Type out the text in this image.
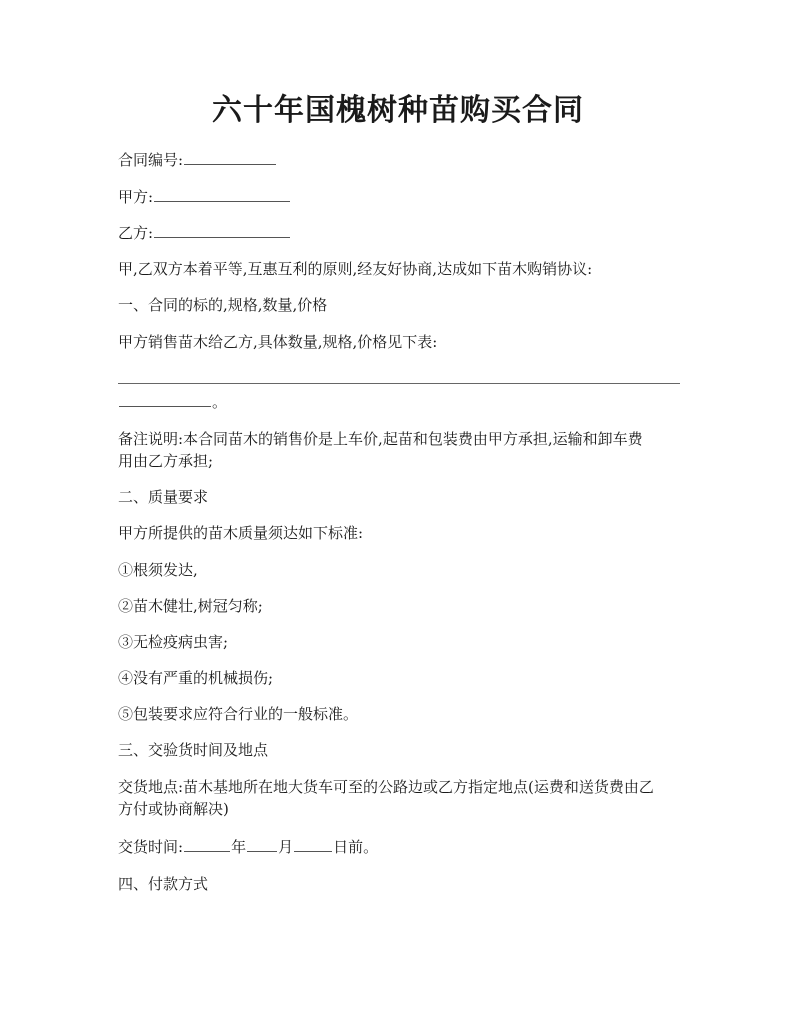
六十年国槐树种苗购买合同
合同编号:
甲方:
乙方:
甲,乙双方本着平等,互惠互利的原则,经友好协商,达成如下苗木购销协议:
一、合同的标的,规格,数量,价格
甲方销售苗木给乙方,具体数量,规格,价格见下表:
。
备注说明:本合同苗木的销售价是上车价,起苗和包装费由甲方承担,运输和卸车费
用由乙方承担;
二、质量要求
甲方所提供的苗木质量须达如下标准:
①根须发达,
②苗木健壮,树冠匀称;
③无检疫病虫害;
④没有严重的机械损伤;
⑤包装要求应符合行业的一般标准。
三、交验货时间及地点
交货地点:苗木基地所在地大货车可至的公路边或乙方指定地点(运费和送货费由乙
方付或协商解决)
交货时间:	年 月	日前。
四、付款方式
